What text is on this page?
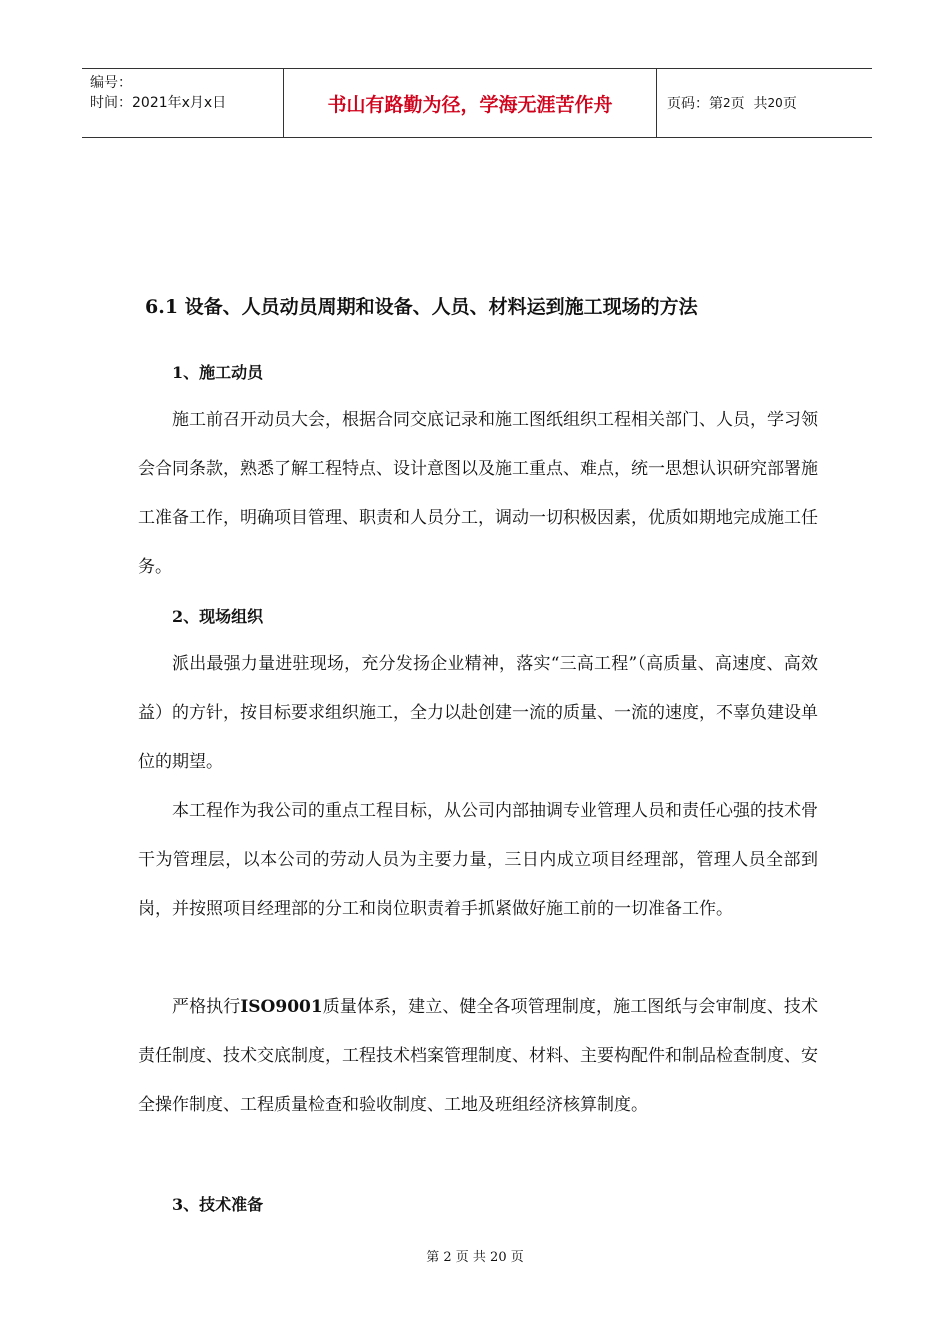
编号：
时间：2021年x月x日	书山有路勤为径，学海无涯苦作舟	页码：第 2 页  共 20 页
6.1 设备、人员动员周期和设备、人员、材料运到施工现场的方法
1、施工动员

施工前召开动员大会，根据合同交底记录和施工图纸组织工程相关部门、人员，学习领会合同条款，熟悉了解工程特点、设计意图以及施工重点、难点，统一思想认识研究部署施工准备工作，明确项目管理、职责和人员分工，调动一切积极因素，优质如期地完成施工任务。

2、现场组织

派出最强力量进驻现场，充分发扬企业精神，落实“三高工程”（高质量、高速度、高效益）的方针，按目标要求组织施工，全力以赴创建一流的质量、一流的速度，不辜负建设单位的期望。

本工程作为我公司的重点工程目标，从公司内部抽调专业管理人员和责任心强的技术骨干为管理层，以本公司的劳动人员为主要力量，三日内成立项目经理部，管理人员全部到岗，并按照项目经理部的分工和岗位职责着手抓紧做好施工前的一切准备工作。

严格执行ISO9001质量体系，建立、健全各项管理制度，施工图纸与会审制度、技术责任制度、技术交底制度，工程技术档案管理制度、材料、主要构配件和制品检查制度、安全操作制度、工程质量检查和验收制度、工地及班组经济核算制度。

3、技术准备
第 2 页 共 20 页
